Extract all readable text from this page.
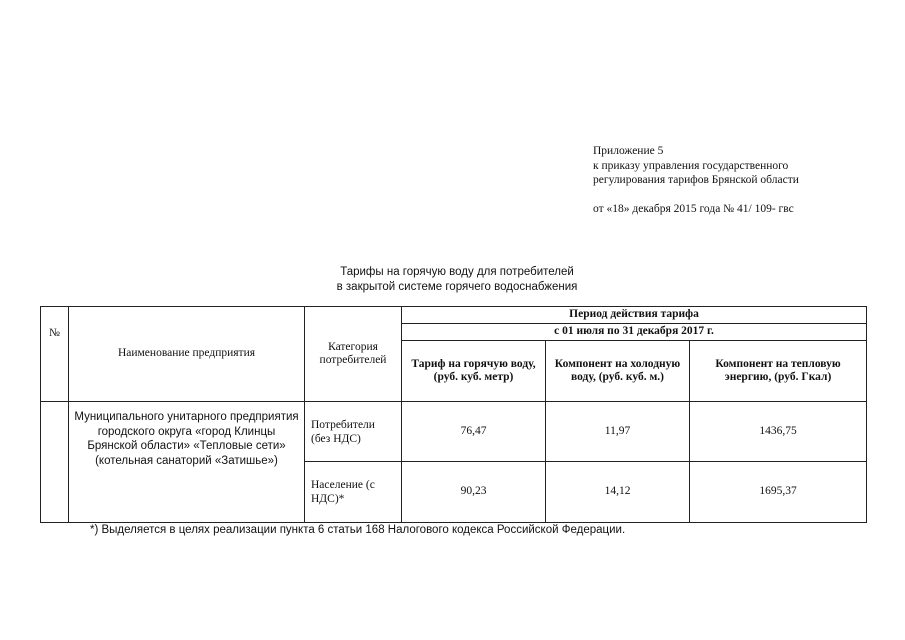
Приложение 5
к приказу управления государственного
регулирования тарифов Брянской области
от «18» декабря 2015 года № 41/ 109- гвс
Тарифы на горячую воду для потребителей
в закрытой системе горячего водоснабжения
№	Наименование предприятия	Категория потребителей	Период действия тарифа		
			с 01 июля по 31 декабря 2017 г.		
			Тариф на горячую воду, (руб. куб. метр)	Компонент на холодную воду, (руб. куб. м.)	Компонент на тепловую энергию, (руб. Гкал)
	Муниципального унитарного предприятия городского округа «город Клинцы Брянской области» «Тепловые сети» (котельная санаторий «Затишье»)	Потребители (без НДС)	76,47	11,97	1436,75
		Население (с НДС)*	90,23	14,12	1695,37
*) Выделяется в целях реализации пункта 6 статьи 168 Налогового кодекса Российской Федерации.
